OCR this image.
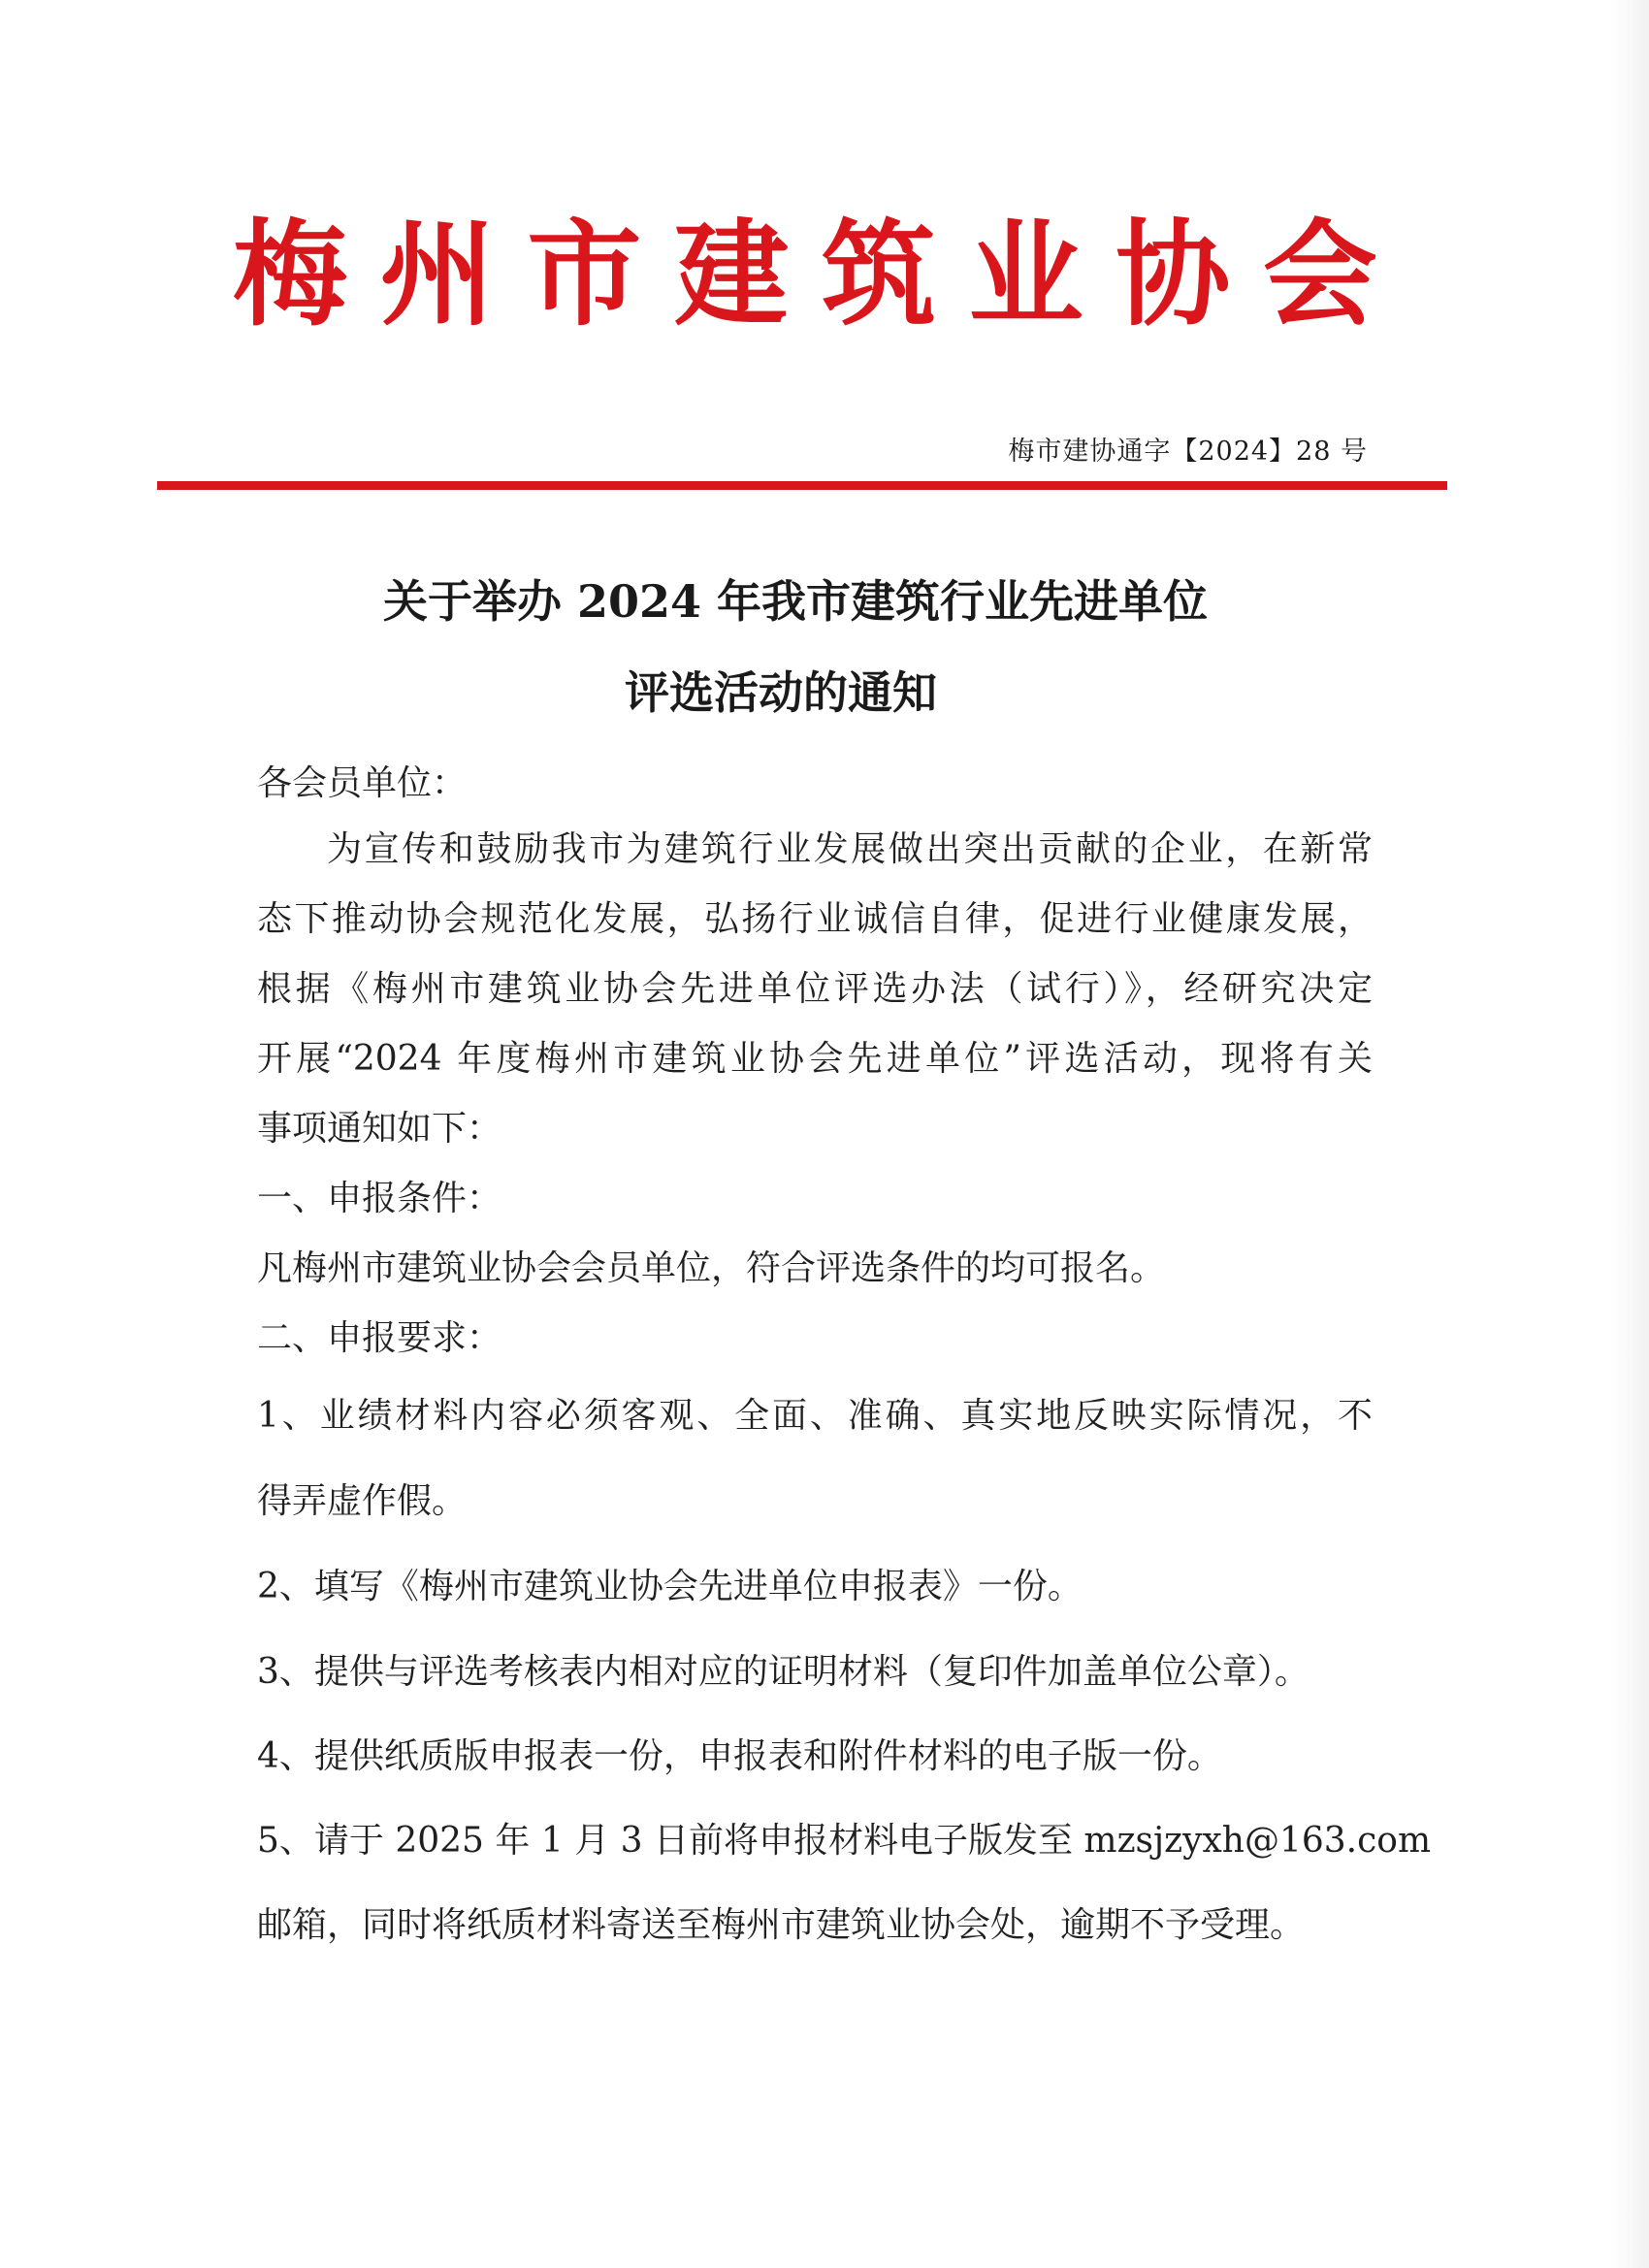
梅 州 市 建 筑 业 协 会
梅市建协通字【2024】28 号
关于举办 2024 年我市建筑行业先进单位
评选活动的通知

各会员单位：

为宣传和鼓励我市为建筑行业发展做出突出贡献的企业，在新常

态下推动协会规范化发展，弘扬行业诚信自律，促进行业健康发展，

根据《梅州市建筑业协会先进单位评选办法（试行）》，经研究决定

开展“2024 年度梅州市建筑业协会先进单位”评选活动，现将有关

事项通知如下：

一、申报条件：

凡梅州市建筑业协会会员单位，符合评选条件的均可报名。

二、申报要求：

1、业绩材料内容必须客观、全面、准确、真实地反映实际情况，不

得弄虚作假。

2、填写《梅州市建筑业协会先进单位申报表》一份。

3、提供与评选考核表内相对应的证明材料（复印件加盖单位公章）。

4、提供纸质版申报表一份，申报表和附件材料的电子版一份。

5、请于 2025 年 1 月 3 日前将申报材料电子版发至 mzsjzyxh@163.com

邮箱，同时将纸质材料寄送至梅州市建筑业协会处，逾期不予受理。
